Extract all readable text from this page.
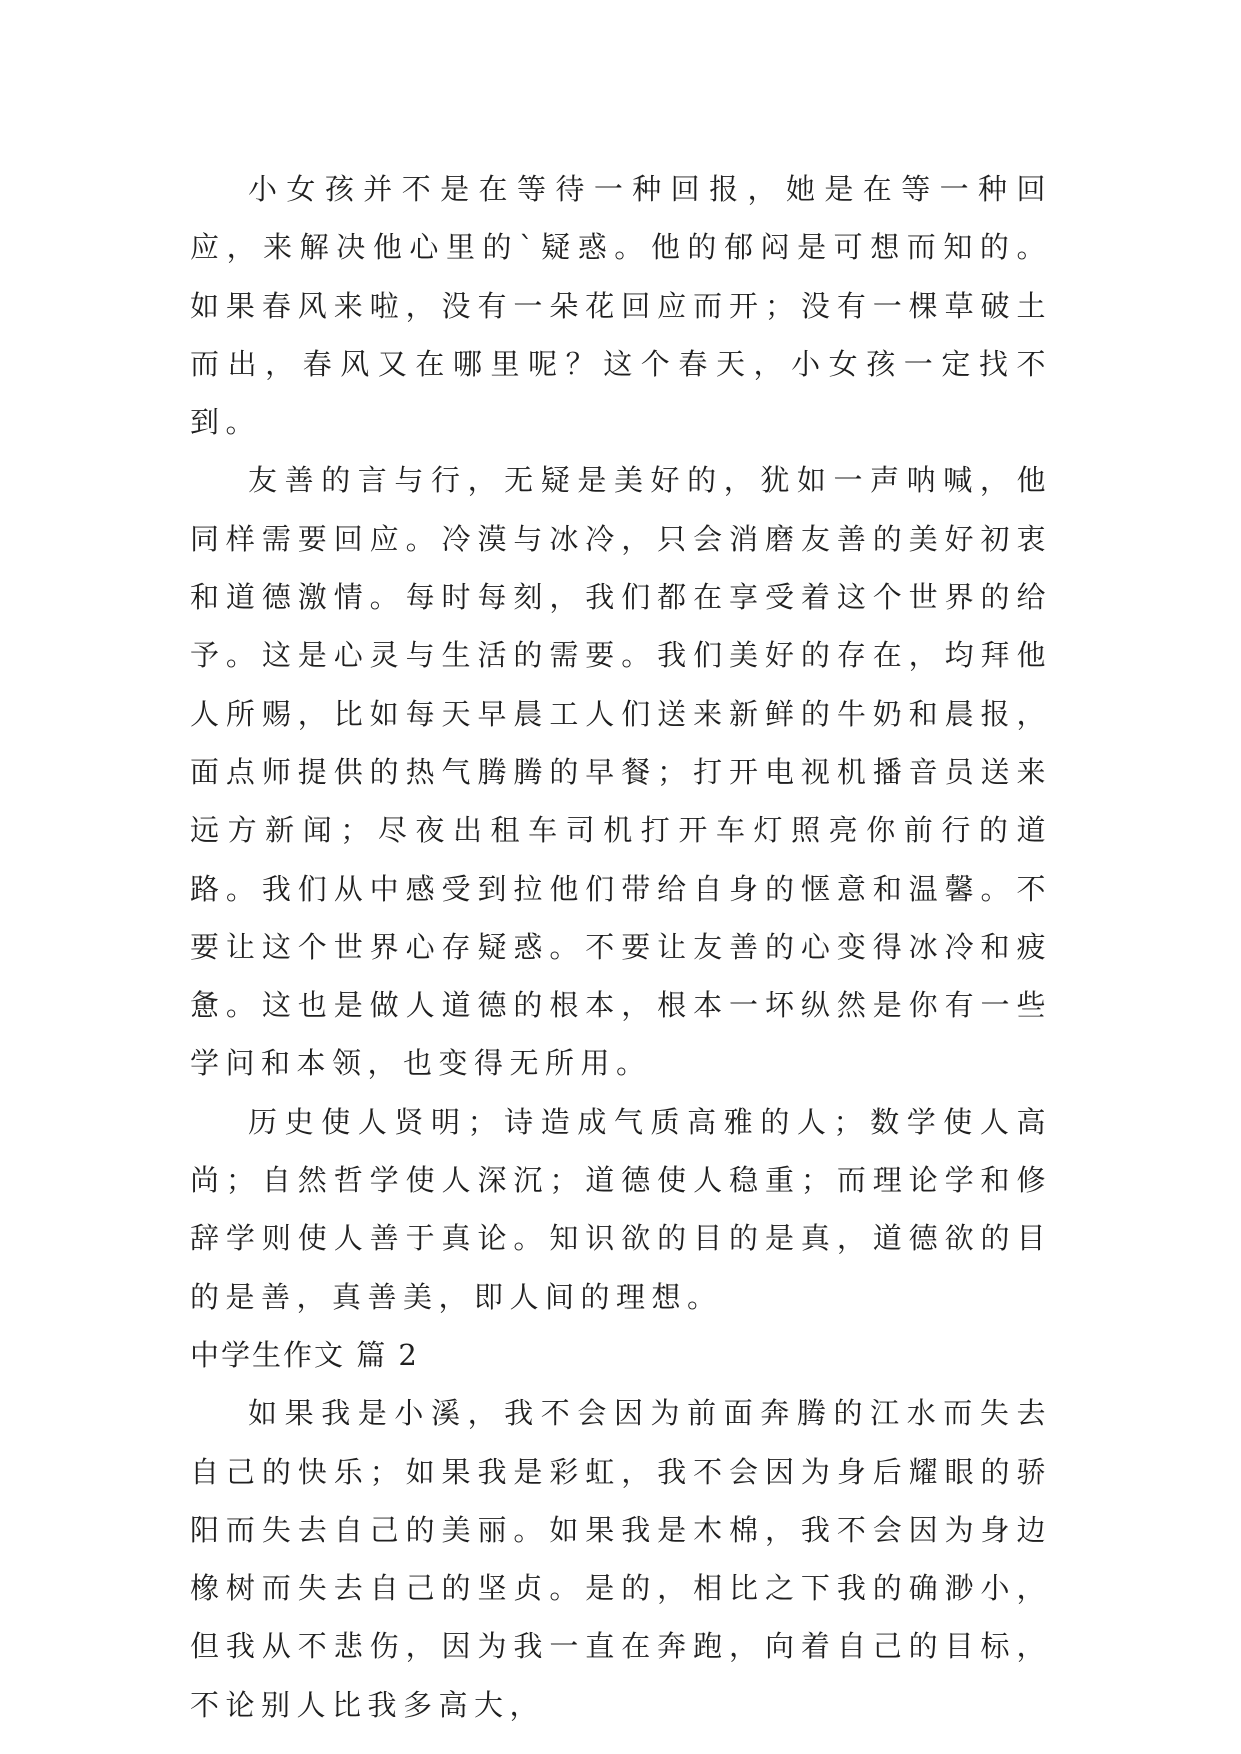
小女孩并不是在等待一种回报，她是在等一种回应，来解决他心里的`疑惑。他的郁闷是可想而知的。如果春风来啦，没有一朵花回应而开；没有一棵草破土而出，春风又在哪里呢？这个春天，小女孩一定找不到。

友善的言与行，无疑是美好的，犹如一声呐喊，他同样需要回应。冷漠与冰冷，只会消磨友善的美好初衷和道德激情。每时每刻，我们都在享受着这个世界的给予。这是心灵与生活的需要。我们美好的存在，均拜他人所赐，比如每天早晨工人们送来新鲜的牛奶和晨报，面点师提供的热气腾腾的早餐；打开电视机播音员送来远方新闻；尽夜出租车司机打开车灯照亮你前行的道路。我们从中感受到拉他们带给自身的惬意和温馨。不要让这个世界心存疑惑。不要让友善的心变得冰冷和疲惫。这也是做人道德的根本，根本一坏纵然是你有一些学问和本领，也变得无所用。

历史使人贤明；诗造成气质高雅的人；数学使人高尚；自然哲学使人深沉；道德使人稳重；而理论学和修辞学则使人善于真论。知识欲的目的是真，道德欲的目的是善，真善美，即人间的理想。

中学生作文 篇 2

如果我是小溪，我不会因为前面奔腾的江水而失去自己的快乐；如果我是彩虹，我不会因为身后耀眼的骄阳而失去自己的美丽。如果我是木棉，我不会因为身边橡树而失去自己的坚贞。是的，相比之下我的确渺小，但我从不悲伤，因为我一直在奔跑，向着自己的目标，不论别人比我多高大，
